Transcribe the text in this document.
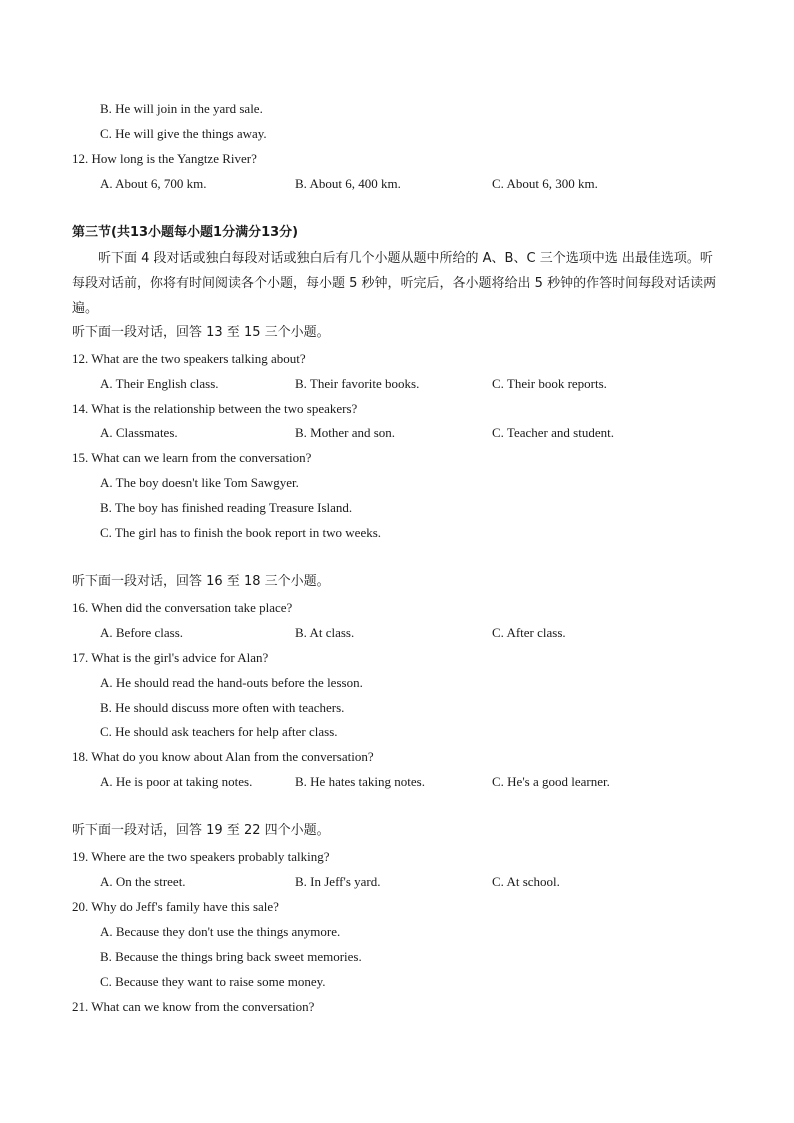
B. He will join in the yard sale.
C. He will give the things away.
12. How long is the Yangtze River?
A. About 6, 700 km.	B. About 6, 400 km.	C. About 6, 300 km.
第三节(共13小题每小题1分满分13分)
听下面 4 段对话或独白每段对话或独白后有几个小题从题中所给的 A、B、C 三个选项中选 出最佳选项。听每段对话前，你将有时间阅读各个小题，每小题 5 秒钟，听完后，各小题将给出 5 秒钟的作答时间每段对话读两遍。
听下面一段对话，回答 13 至 15 三个小题。
12. What are the two speakers talking about?
A. Their English class.	B. Their favorite books.	C. Their book reports.
14. What is the relationship between the two speakers?
A. Classmates.	B. Mother and son.	C. Teacher and student.
15. What can we learn from the conversation?
A. The boy doesn't like Tom Sawgyer.
B. The boy has finished reading Treasure Island.
C. The girl has to finish the book report in two weeks.
听下面一段对话，回答 16 至 18 三个小题。
16. When did the conversation take place?
A. Before class.	B. At class.	C. After class.
17. What is the girl's advice for Alan?
A. He should read the hand-outs before the lesson.
B. He should discuss more often with teachers.
C. He should ask teachers for help after class.
18. What do you know about Alan from the conversation?
A. He is poor at taking notes.	B. He hates taking notes.	C. He's a good learner.
听下面一段对话，回答 19 至 22 四个小题。
19. Where are the two speakers probably talking?
A. On the street.	B. In Jeff's yard.	C. At school.
20. Why do Jeff's family have this sale?
A. Because they don't use the things anymore.
B. Because the things bring back sweet memories.
C. Because they want to raise some money.
21. What can we know from the conversation?
